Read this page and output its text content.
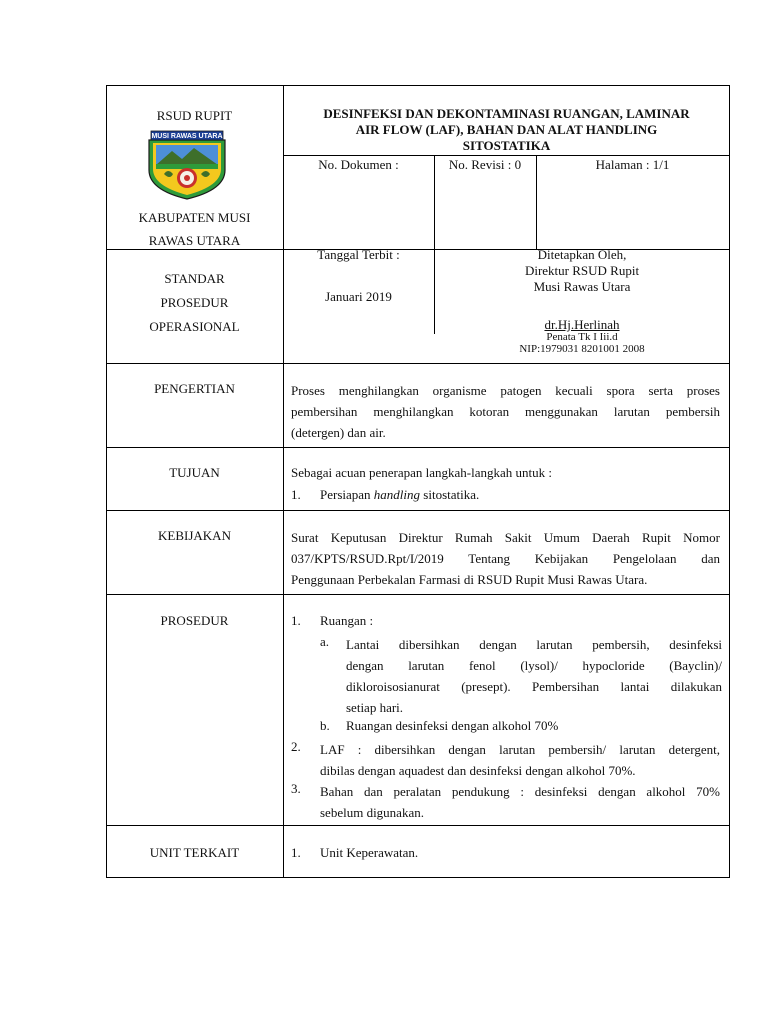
RSUD RUPIT
MUSI RAWAS UTARA
KABUPATEN MUSI
RAWAS UTARA
DESINFEKSI DAN DEKONTAMINASI RUANGAN, LAMINAR
AIR FLOW (LAF), BAHAN DAN ALAT HANDLING
SITOSTATIKA
No. Dokumen :	No. Revisi : 0	Halaman : 1/1
STANDAR
PROSEDUR
OPERASIONAL
Tanggal Terbit :
Januari 2019
Ditetapkan Oleh,
Direktur RSUD Rupit
Musi Rawas Utara
dr.Hj.Herlinah
Penata Tk I Iii.d
NIP:1979031 8201001 2008
PENGERTIAN	Proses menghilangkan organisme patogen kecuali spora serta proses
pembersihan menghilangkan kotoran menggunakan larutan pembersih
(detergen) dan air.
TUJUAN	Sebagai acuan penerapan langkah-langkah untuk :
1. Persiapan handling sitostatika.
KEBIJAKAN	Surat Keputusan Direktur Rumah Sakit Umum Daerah Rupit Nomor
037/KPTS/RSUD.Rpt/I/2019 Tentang Kebijakan Pengelolaan dan
Penggunaan Perbekalan Farmasi di RSUD Rupit Musi Rawas Utara.
PROSEDUR	1. Ruangan :
a. Lantai dibersihkan dengan larutan pembersih, desinfeksi
dengan larutan fenol (lysol)/ hypocloride (Bayclin)/
dikloroisosianurat (presept). Pembersihan lantai dilakukan
setiap hari.
b. Ruangan desinfeksi dengan alkohol 70%
2. LAF : dibersihkan dengan larutan pembersih/ larutan detergent,
dibilas dengan aquadest dan desinfeksi dengan alkohol 70%.
3. Bahan dan peralatan pendukung : desinfeksi dengan alkohol 70%
sebelum digunakan.
UNIT TERKAIT	1. Unit Keperawatan.
